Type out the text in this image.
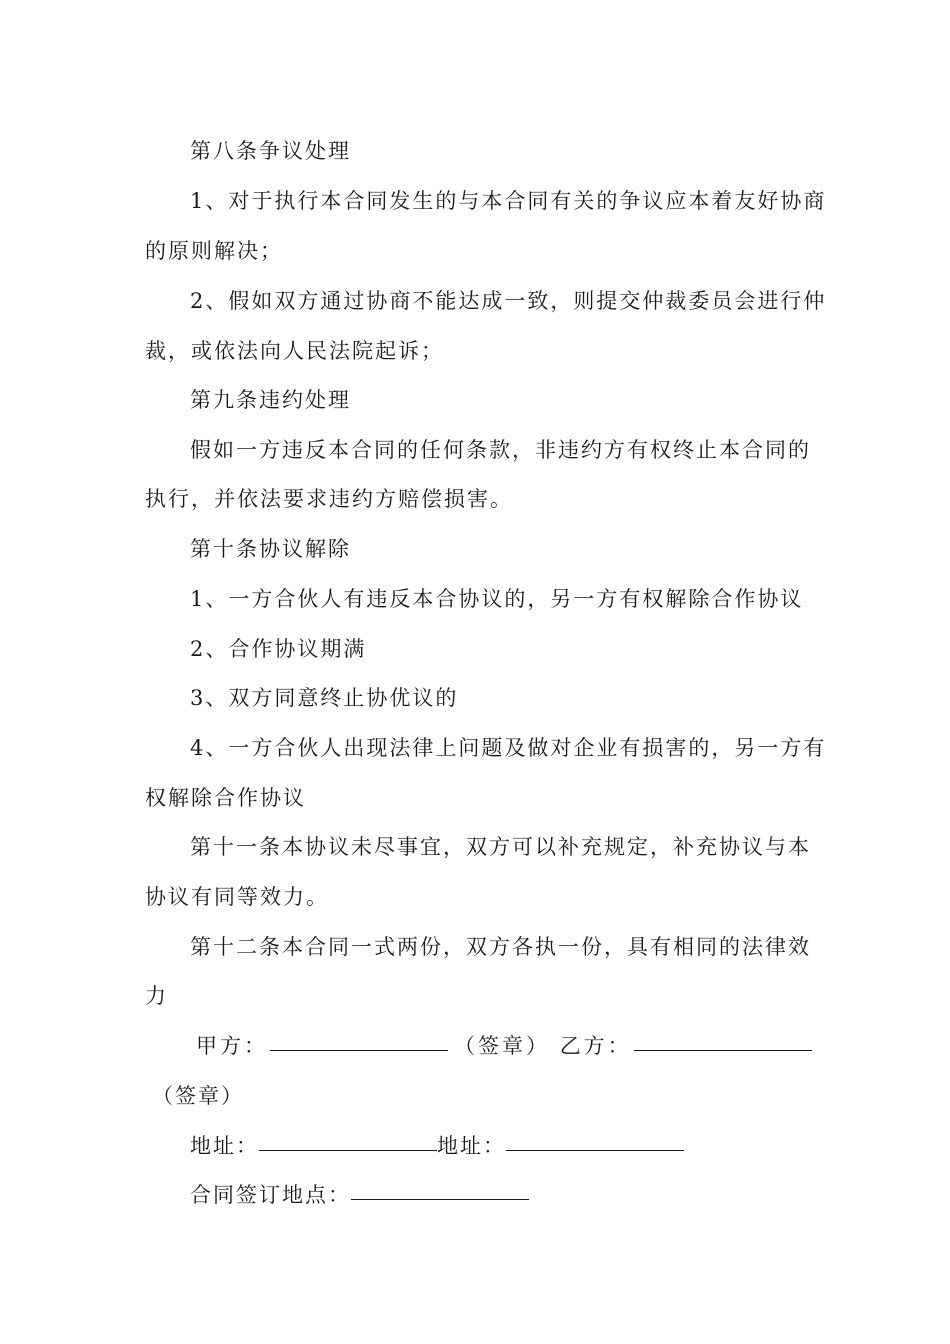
第八条争议处理
1、对于执行本合同发生的与本合同有关的争议应本着友好协商
的原则解决；
2、假如双方通过协商不能达成一致，则提交仲裁委员会进行仲
裁，或依法向人民法院起诉；
第九条违约处理
假如一方违反本合同的任何条款，非违约方有权终止本合同的
执行，并依法要求违约方赔偿损害。
第十条协议解除
1、一方合伙人有违反本合协议的，另一方有权解除合作协议
2、合作协议期满
3、双方同意终止协优议的
4、一方合伙人出现法律上问题及做对企业有损害的，另一方有
权解除合作协议
第十一条本协议未尽事宜，双方可以补充规定，补充协议与本
协议有同等效力。
第十二条本合同一式两份，双方各执一份，具有相同的法律效
力
甲方：	（签章） 乙方：
（签章）
地址：	地址：
合同签订地点：
